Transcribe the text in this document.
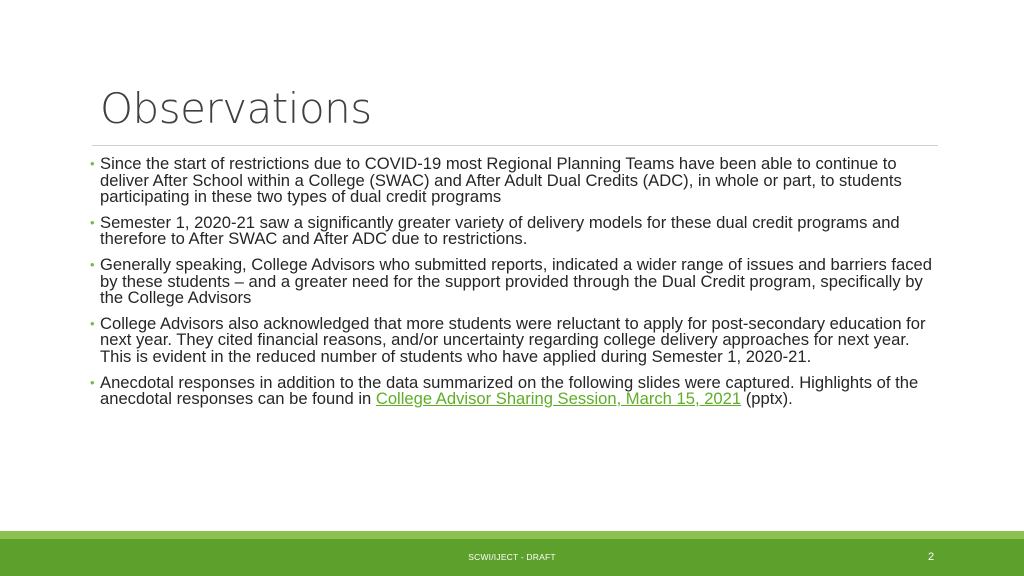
Observations
• Since the start of restrictions due to COVID-19 most Regional Planning Teams have been able to continue to deliver After School within a College (SWAC) and After Adult Dual Credits (ADC), in whole or part, to students participating in these two types of dual credit programs
• Semester 1, 2020-21 saw a significantly greater variety of delivery models for these dual credit programs and therefore to After SWAC and After ADC due to restrictions.
• Generally speaking, College Advisors who submitted reports, indicated a wider range of issues and barriers faced by these students – and a greater need for the support provided through the Dual Credit program, specifically by the College Advisors
• College Advisors also acknowledged that more students were reluctant to apply for post-secondary education for next year. They cited financial reasons, and/or uncertainty regarding college delivery approaches for next year. This is evident in the reduced number of students who have applied during Semester 1, 2020-21.
• Anecdotal responses in addition to the data summarized on the following slides were captured. Highlights of the anecdotal responses can be found in College Advisor Sharing Session, March 15, 2021 (pptx).
SCWI/IJECT - DRAFT	2
